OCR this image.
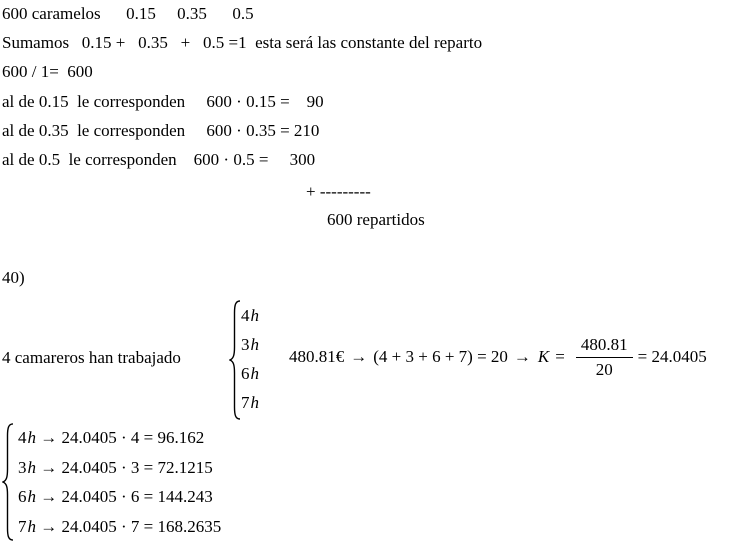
600 caramelos      0.15     0.35      0.5
Sumamos   0.15 +   0.35   +   0.5 =1  esta será las constante del reparto
600 / 1=  600
al de 0.15  le corresponden     600 · 0.15 =    90
al de 0.35  le corresponden     600 · 0.35 = 210
al de 0.5  le corresponden    600 · 0.5 =     300
+ ---------
600 repartidos
40)
4 camareros han trabajado
4h
3h
6h
7h
480.81€ → $(4 + 3 + 6 + 7) = 20 \to K = \frac{480.81}{20} = 24.0405$
4 h → 24.0405 · 4 = 96.162
3 h → 24.0405 · 3 = 72.1215
6 h → 24.0405 · 6 = 144.243
7 h → 24.0405 · 7 = 168.2635
